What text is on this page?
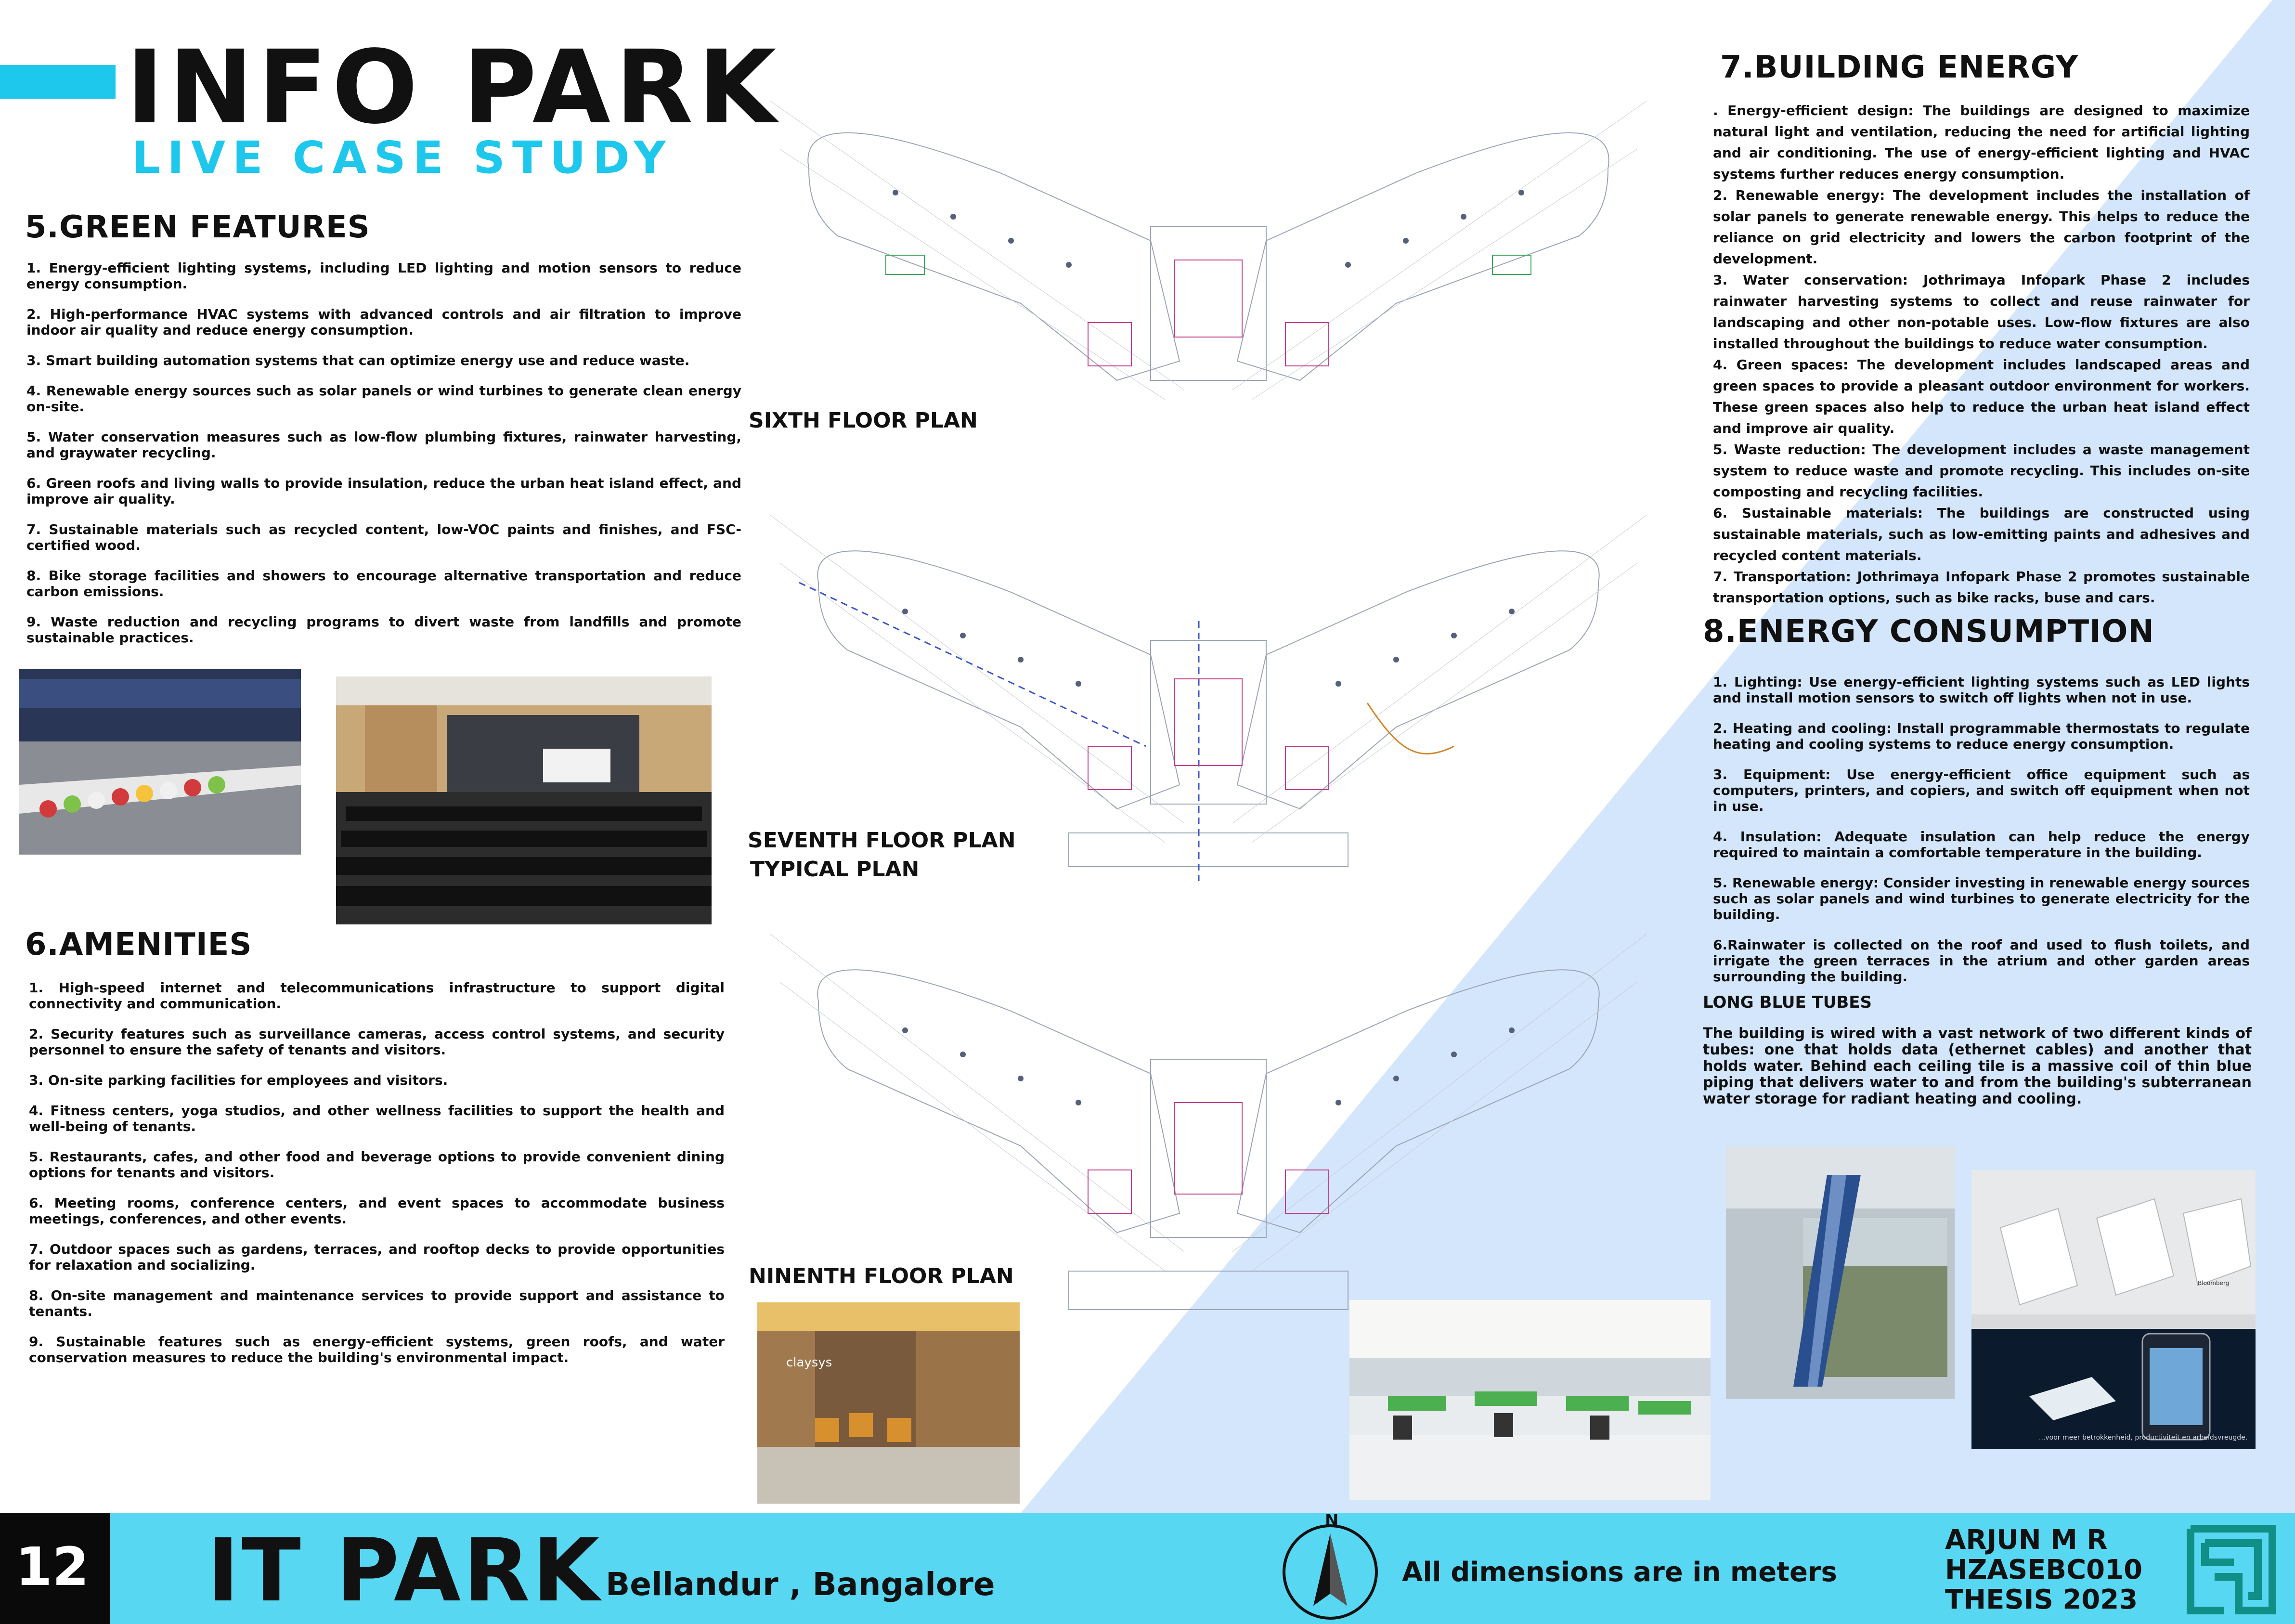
INFO PARK
LIVE CASE STUDY
5.GREEN FEATURES
1. Energy-efficient lighting systems, including LED lighting and motion sensors to reduce energy consumption.
2. High-performance HVAC systems with advanced controls and air filtration to improve indoor air quality and reduce energy consumption.
3. Smart building automation systems that can optimize energy use and reduce waste.
4. Renewable energy sources such as solar panels or wind turbines to generate clean energy on-site.
5. Water conservation measures such as low-flow plumbing fixtures, rainwater harvesting, and graywater recycling.
6. Green roofs and living walls to provide insulation, reduce the urban heat island effect, and improve air quality.
7. Sustainable materials such as recycled content, low-VOC paints and finishes, and FSC-certified wood.
8. Bike storage facilities and showers to encourage alternative transportation and reduce carbon emissions.
9. Waste reduction and recycling programs to divert waste from landfills and promote sustainable practices.
6.AMENITIES
1. High-speed internet and telecommunications infrastructure to support digital connectivity and communication.
2. Security features such as surveillance cameras, access control systems, and security personnel to ensure the safety of tenants and visitors.
3. On-site parking facilities for employees and visitors.
4. Fitness centers, yoga studios, and other wellness facilities to support the health and well-being of tenants.
5. Restaurants, cafes, and other food and beverage options to provide convenient dining options for tenants and visitors.
6. Meeting rooms, conference centers, and event spaces to accommodate business meetings, conferences, and other events.
7. Outdoor spaces such as gardens, terraces, and rooftop decks to provide opportunities for relaxation and socializing.
8. On-site management and maintenance services to provide support and assistance to tenants.
9. Sustainable features such as energy-efficient systems, green roofs, and water conservation measures to reduce the building's environmental impact.
SIXTH FLOOR PLAN
SEVENTH FLOOR PLAN
TYPICAL PLAN
NINENTH FLOOR PLAN
claysys
7.BUILDING ENERGY

. Energy-efficient design: The buildings are designed to maximize natural light and ventilation, reducing the need for artificial lighting and air conditioning. The use of energy-efficient lighting and HVAC systems further reduces energy consumption.

2. Renewable energy: The development includes the installation of solar panels to generate renewable energy. This helps to reduce the reliance on grid electricity and lowers the carbon footprint of the development.

3. Water conservation: Jothrimaya Infopark Phase 2 includes rainwater harvesting systems to collect and reuse rainwater for landscaping and other non-potable uses. Low-flow fixtures are also installed throughout the buildings to reduce water consumption.

4. Green spaces: The development includes landscaped areas and green spaces to provide a pleasant outdoor environment for workers. These green spaces also help to reduce the urban heat island effect and improve air quality.

5. Waste reduction: The development includes a waste management system to reduce waste and promote recycling. This includes on-site composting and recycling facilities.

6. Sustainable materials: The buildings are constructed using sustainable materials, such as low-emitting paints and adhesives and recycled content materials.

7. Transportation: Jothrimaya Infopark Phase 2 promotes sustainable transportation options, such as bike racks, buse and cars.

8.ENERGY CONSUMPTION
1. Lighting: Use energy-efficient lighting systems such as LED lights and install motion sensors to switch off lights when not in use.
2. Heating and cooling: Install programmable thermostats to regulate heating and cooling systems to reduce energy consumption.
3. Equipment: Use energy-efficient office equipment such as computers, printers, and copiers, and switch off equipment when not in use.
4. Insulation: Adequate insulation can help reduce the energy required to maintain a comfortable temperature in the building.
5. Renewable energy: Consider investing in renewable energy sources such as solar panels and wind turbines to generate electricity for the building.
6.Rainwater is collected on the roof and used to flush toilets, and irrigate the green terraces in the atrium and other garden areas surrounding the building.
LONG BLUE TUBES
The building is wired with a vast network of two different kinds of tubes: one that holds data (ethernet cables) and another that holds water. Behind each ceiling tile is a massive coil of thin blue piping that delivers water to and from the building's subterranean water storage for radiant heating and cooling.
Bloomberg
...voor meer betrokkenheid, productiviteit en arbeidsvreugde.
12 IT PARK Bellandur , Bangalore
N
All dimensions are in meters
ARJUN M R
HZASEBC010
THESIS 2023
